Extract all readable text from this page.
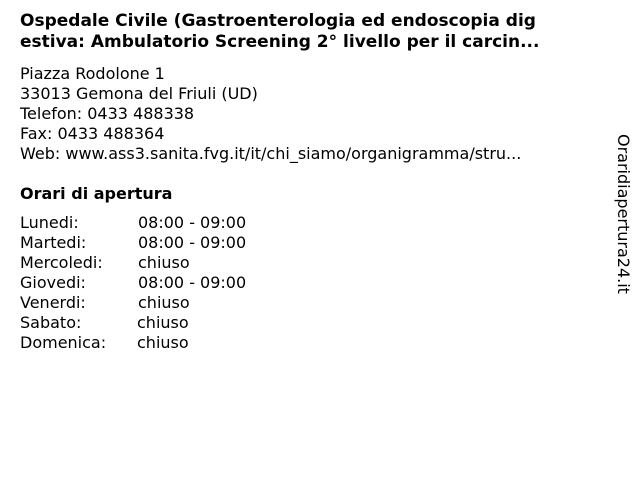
Ospedale Civile (Gastroenterologia ed endoscopia dig
estiva: Ambulatorio Screening 2° livello per il carcin...
Piazza Rodolone 1
33013 Gemona del Friuli (UD)
Telefon: 0433 488338
Fax: 0433 488364
Web: www.ass3.sanita.fvg.it/it/chi_siamo/organigramma/stru...
Orari di apertura
Lunedi:	08:00 - 09:00
Martedi:	08:00 - 09:00
Mercoledi: chiuso
Giovedi:	08:00 - 09:00
Venerdi:	chiuso
Sabato:	chiuso
Domenica: chiuso
Oraridiapertura24.it
